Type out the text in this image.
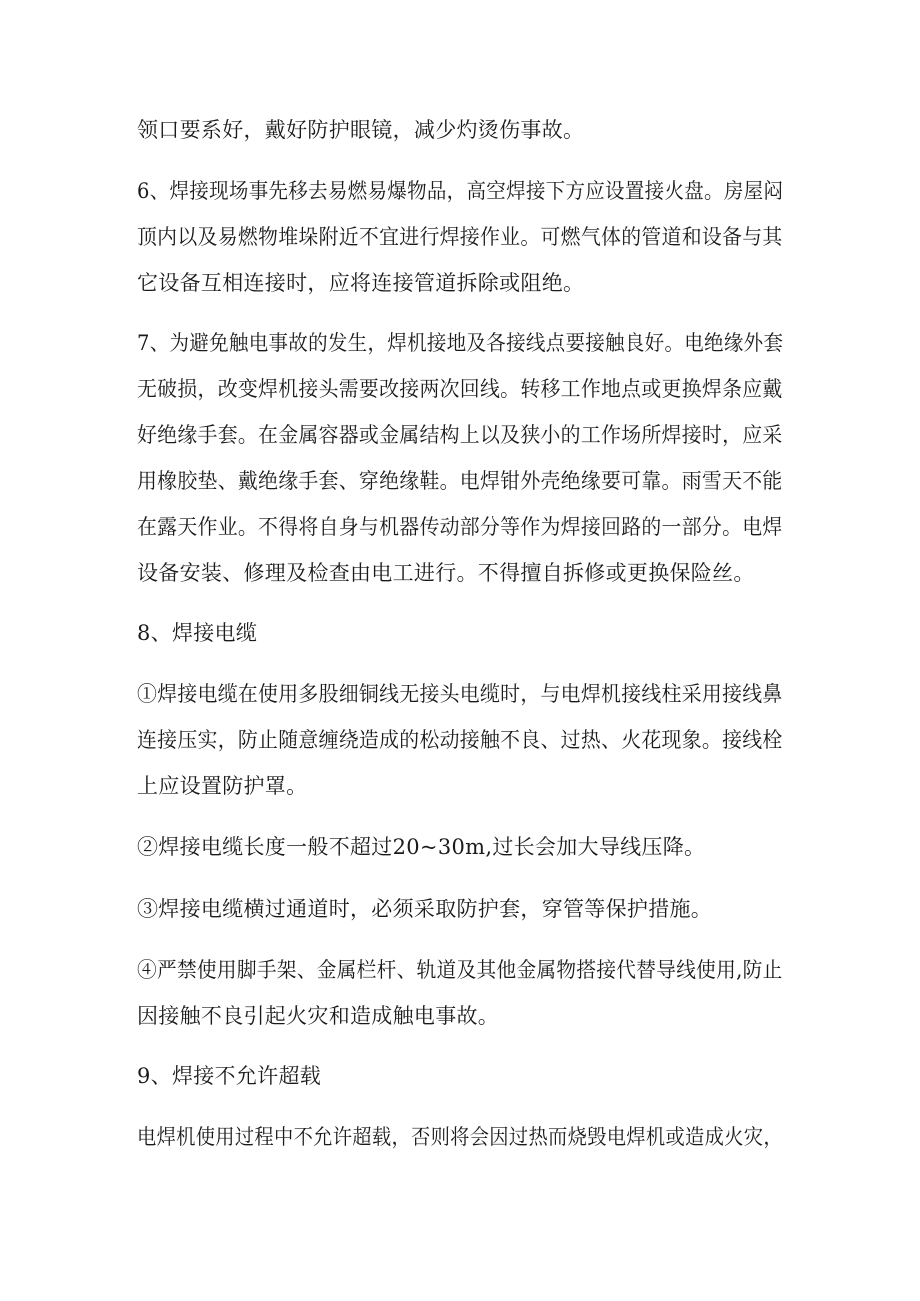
领口要系好，戴好防护眼镜，减少灼烫伤事故。
6、焊接现场事先移去易燃易爆物品，高空焊接下方应设置接火盘。房屋闷
顶内以及易燃物堆垛附近不宜进行焊接作业。可燃气体的管道和设备与其
它设备互相连接时，应将连接管道拆除或阻绝。
7、为避免触电事故的发生，焊机接地及各接线点要接触良好。电绝缘外套
无破损，改变焊机接头需要改接两次回线。转移工作地点或更换焊条应戴
好绝缘手套。在金属容器或金属结构上以及狭小的工作场所焊接时，应采
用橡胶垫、戴绝缘手套、穿绝缘鞋。电焊钳外壳绝缘要可靠。雨雪天不能
在露天作业。不得将自身与机器传动部分等作为焊接回路的一部分。电焊
设备安装、修理及检查由电工进行。不得擅自拆修或更换保险丝。
8、焊接电缆
①焊接电缆在使用多股细铜线无接头电缆时，与电焊机接线柱采用接线鼻
连接压实，防止随意缠绕造成的松动接触不良、过热、火花现象。接线栓
上应设置防护罩。
②焊接电缆长度一般不超过20~30m,过长会加大导线压降。
③焊接电缆横过通道时，必须采取防护套，穿管等保护措施。
④严禁使用脚手架、金属栏杆、轨道及其他金属物搭接代替导线使用,防止
因接触不良引起火灾和造成触电事故。
9、焊接不允许超载
电焊机使用过程中不允许超载，否则将会因过热而烧毁电焊机或造成火灾，
